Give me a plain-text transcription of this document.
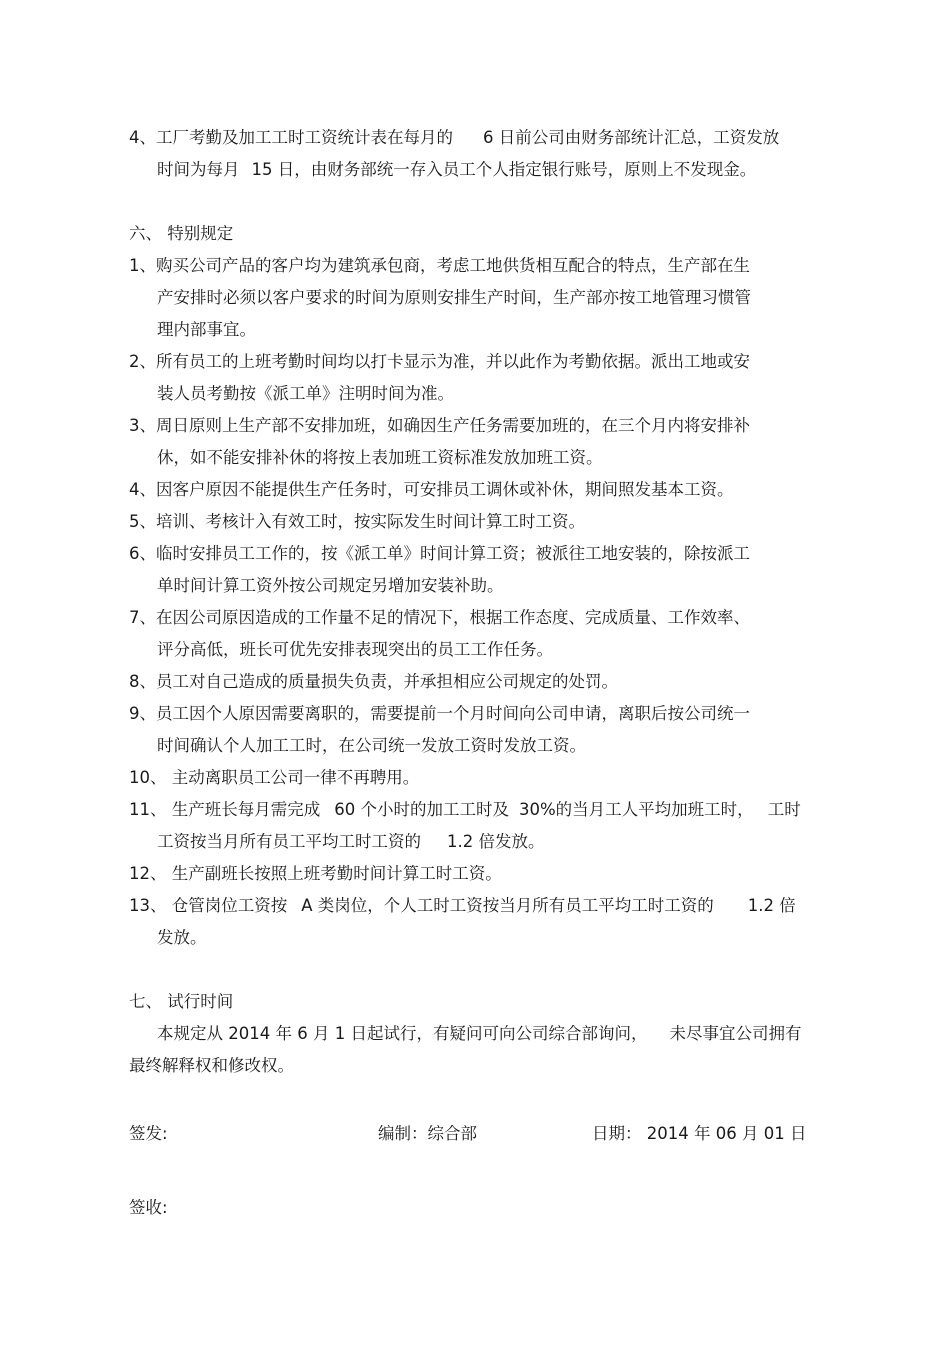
4、工厂考勤及加工工时工资统计表在每月的 6 日前公司由财务部统计汇总，工资发放
时间为每月 15 日，由财务部统一存入员工个人指定银行账号，原则上不发现金。
六、 特别规定
1、购买公司产品的客户均为建筑承包商，考虑工地供货相互配合的特点，生产部在生
产安排时必须以客户要求的时间为原则安排生产时间，生产部亦按工地管理习惯管
理内部事宜。
2、所有员工的上班考勤时间均以打卡显示为准，并以此作为考勤依据。派出工地或安
装人员考勤按《派工单》注明时间为准。
3、周日原则上生产部不安排加班，如确因生产任务需要加班的，在三个月内将安排补
休，如不能安排补休的将按上表加班工资标准发放加班工资。
4、因客户原因不能提供生产任务时，可安排员工调休或补休，期间照发基本工资。
5、培训、考核计入有效工时，按实际发生时间计算工时工资。
6、临时安排员工工作的，按《派工单》时间计算工资；被派往工地安装的，除按派工
单时间计算工资外按公司规定另增加安装补助。
7、在因公司原因造成的工作量不足的情况下，根据工作态度、完成质量、工作效率、
评分高低，班长可优先安排表现突出的员工工作任务。
8、员工对自己造成的质量损失负责，并承担相应公司规定的处罚。
9、员工因个人原因需要离职的，需要提前一个月时间向公司申请，离职后按公司统一
时间确认个人加工工时，在公司统一发放工资时发放工资。
10、 主动离职员工公司一律不再聘用。
11、 生产班长每月需完成 60 个小时的加工工时及 30%的当月工人平均加班工时， 工时
工资按当月所有员工平均工时工资的 1.2 倍发放。
12、 生产副班长按照上班考勤时间计算工时工资。
13、 仓管岗位工资按 A 类岗位，个人工时工资按当月所有员工平均工时工资的 1.2 倍
发放。
七、 试行时间
本规定从 2014 年 6 月 1 日起试行，有疑问可向公司综合部询问， 未尽事宜公司拥有
最终解释权和修改权。
签发:	编制：综合部	日期： 2014 年 06 月 01 日
签收:
